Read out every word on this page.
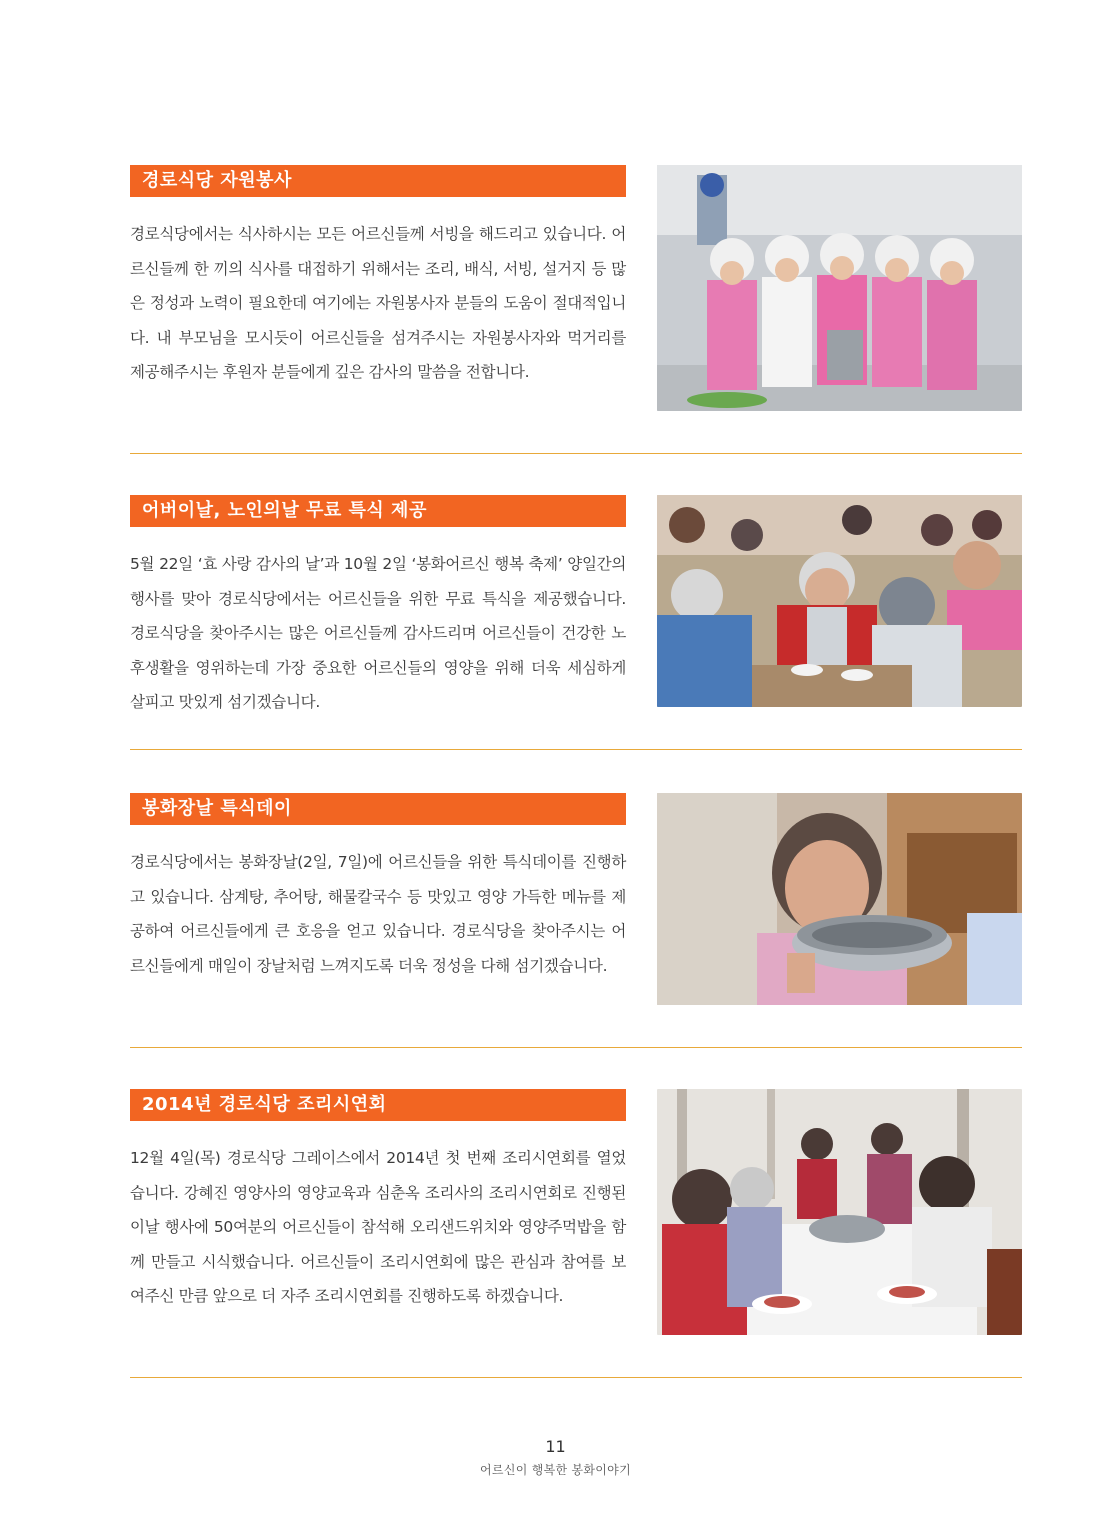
경로식당 자원봉사

경로식당에서는 식사하시는 모든 어르신들께 서빙을 해드리고 있습니다. 어르신들께 한 끼의 식사를 대접하기 위해서는 조리, 배식, 서빙, 설거지 등 많은 정성과 노력이 필요한데 여기에는 자원봉사자 분들의 도움이 절대적입니다. 내 부모님을 모시듯이 어르신들을 섬겨주시는 자원봉사자와 먹거리를 제공해주시는 후원자 분들에게 깊은 감사의 말씀을 전합니다.

어버이날, 노인의날 무료 특식 제공

5월 22일 ‘효 사랑 감사의 날’과 10월 2일 ‘봉화어르신 행복 축제’ 양일간의 행사를 맞아 경로식당에서는 어르신들을 위한 무료 특식을 제공했습니다. 경로식당을 찾아주시는 많은 어르신들께 감사드리며 어르신들이 건강한 노후생활을 영위하는데 가장 중요한 어르신들의 영양을 위해 더욱 세심하게 살피고 맛있게 섬기겠습니다.

봉화장날 특식데이

경로식당에서는 봉화장날(2일, 7일)에 어르신들을 위한 특식데이를 진행하고 있습니다. 삼계탕, 추어탕, 해물칼국수 등 맛있고 영양 가득한 메뉴를 제공하여 어르신들에게 큰 호응을 얻고 있습니다. 경로식당을 찾아주시는 어르신들에게 매일이 장날처럼 느껴지도록 더욱 정성을 다해 섬기겠습니다.

2014년 경로식당 조리시연회

12월 4일(목) 경로식당 그레이스에서 2014년 첫 번째 조리시연회를 열었습니다. 강혜진 영양사의 영양교육과 심춘옥 조리사의 조리시연회로 진행된 이날 행사에 50여분의 어르신들이 참석해 오리샌드위치와 영양주먹밥을 함께 만들고 시식했습니다. 어르신들이 조리시연회에 많은 관심과 참여를 보여주신 만큼 앞으로 더 자주 조리시연회를 진행하도록 하겠습니다.

11
어르신이 행복한 봉화이야기
